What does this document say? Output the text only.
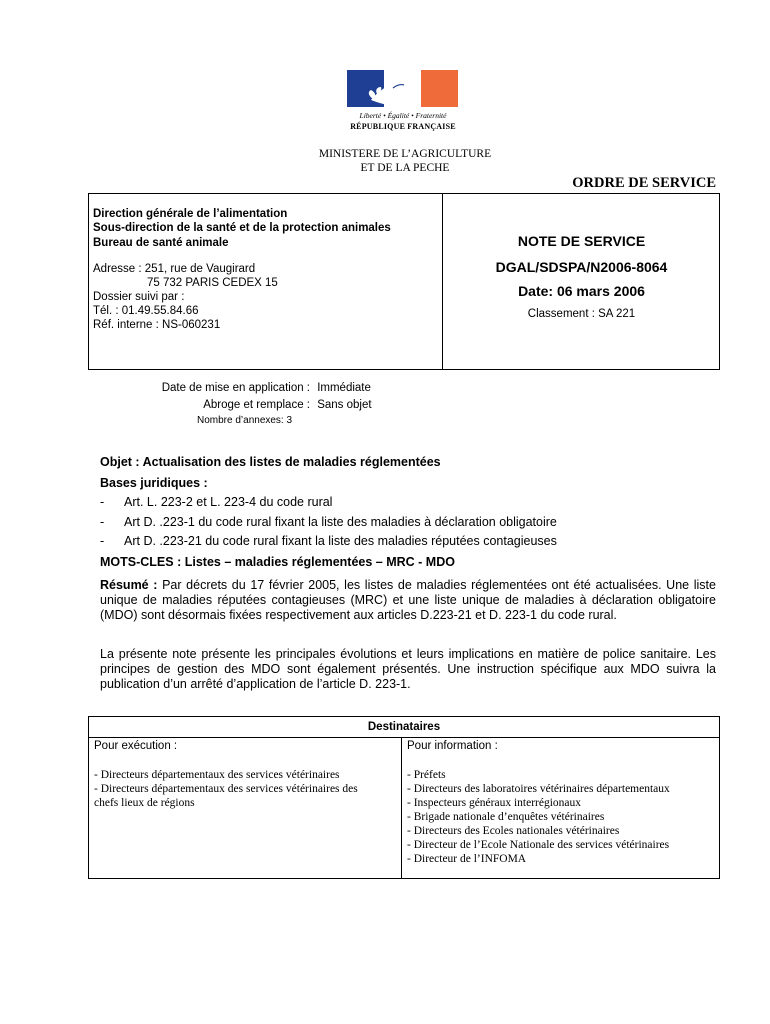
Liberté • Égalité • Fraternité
RÉPUBLIQUE FRANÇAISE
MINISTERE DE L’AGRICULTURE
ET DE LA PECHE
ORDRE DE SERVICE
Direction générale de l’alimentation
Sous-direction de la santé et de la protection animales
Bureau de santé animale
Adresse : 251, rue de Vaugirard
75 732 PARIS CEDEX 15
Dossier suivi par :
Tél. : 01.49.55.84.66
Réf. interne : NS-060231
NOTE DE SERVICE
DGAL/SDSPA/N2006-8064
Date: 06 mars 2006
Classement : SA 221
Date de mise en application : Immédiate
Abroge et remplace : Sans objet
Nombre d’annexes: 3
Objet : Actualisation des listes de maladies réglementées
Bases juridiques :
- Art. L. 223-2 et L. 223-4 du code rural
- Art D. .223-1 du code rural fixant la liste des maladies à déclaration obligatoire
- Art D. .223-21 du code rural fixant la liste des maladies réputées contagieuses
MOTS-CLES : Listes – maladies réglementées – MRC - MDO
Résumé : Par décrets du 17 février 2005, les listes de maladies réglementées ont été actualisées. Une liste unique de maladies réputées contagieuses (MRC) et une liste unique de maladies à déclaration obligatoire (MDO) sont désormais fixées respectivement aux articles D.223-21 et D. 223-1 du code rural.
La présente note présente les principales évolutions et leurs implications en matière de police sanitaire. Les principes de gestion des MDO sont également présentés. Une instruction spécifique aux MDO suivra la publication d’un arrêté d’application de l’article D. 223-1.
Destinataires
Pour exécution :	Pour information :
- Directeurs départementaux des services vétérinaires
- Directeurs départementaux des services vétérinaires des
chefs lieux de régions
- Préfets
- Directeurs des laboratoires vétérinaires départementaux
- Inspecteurs généraux interrégionaux
- Brigade nationale d’enquêtes vétérinaires
- Directeurs des Ecoles nationales vétérinaires
- Directeur de l’Ecole Nationale des services vétérinaires
- Directeur de l’INFOMA
